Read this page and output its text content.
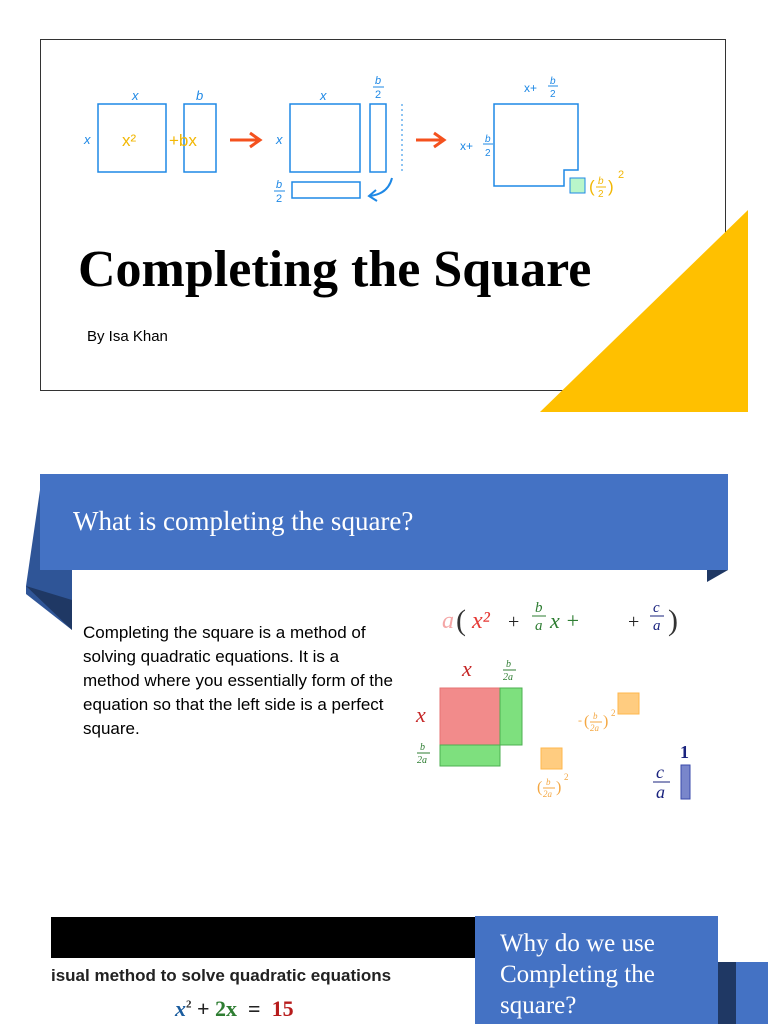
x
x x²
b
+bx
x
x
b
2
b
2
x+ b
2
x+ b
2
( b
2 )
2
Completing the Square
By Isa Khan
What is completing the square?

Completing the square is a method of solving quadratic equations. It is a method where you essentially form of the equation so that the left side is a perfect square.

a ( x² +
b
a x + +
c
a )
x	b
2a
x
b
2a
- ( b
2a ) 2
( b
2a )
2
1
c
a
isual method to solve quadratic equations
$x^2 + 2x = 15$
Why do we use Completing the square?
